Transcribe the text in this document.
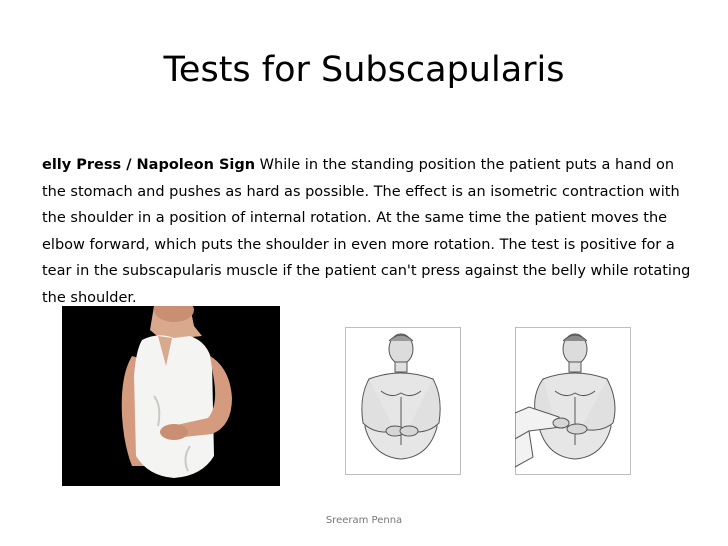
Tests for Subscapularis

elly Press / Napoleon Sign While in the standing position the patient puts a hand on the stomach and pushes as hard as possible. The effect is an isometric contraction with the shoulder in a position of internal rotation. At the same time the patient moves the elbow forward, which puts the shoulder in even more rotation. The test is positive for a tear in the subscapularis muscle if the patient can't press against the belly while rotating the shoulder.

Sreeram Penna
